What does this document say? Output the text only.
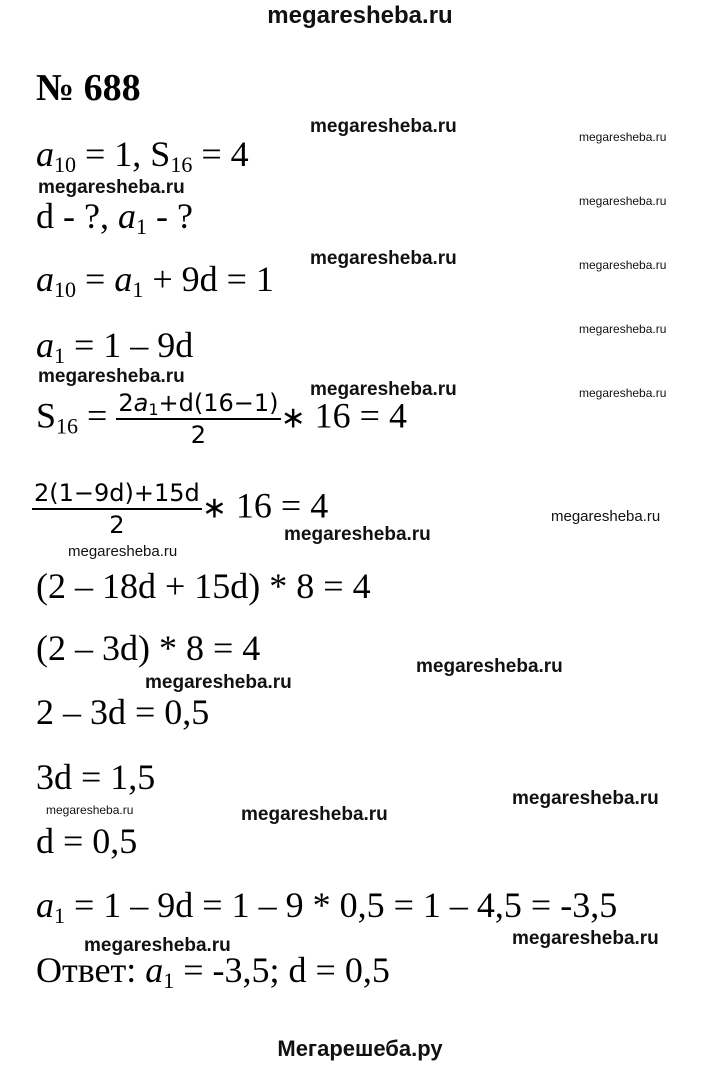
megaresheba.ru
№ 688
$a_{10} = 1$, $S_{16} = 4$
d - ?, $a_1$ - ?
$a_{10} = a_1 + 9d = 1$
$a_1 = 1 - 9d$
$S_{16} = \frac{2a_1+d(16-1)}{2}$ ∗ 16 = 4
$\frac{2(1-9d)+15d}{2}$ ∗ 16 = 4
(2 – 18d + 15d) * 8 = 4
(2 – 3d) * 8 = 4
2 – 3d = 0,5
3d = 1,5
d = 0,5
$a_1 = 1 - 9d = 1 - 9 * 0,5 = 1 - 4,5 = -3,5$
Ответ: $a_1 = -3,5$; d = 0,5
megaresheba.ru	megaresheba.ru
megaresheba.ru
megaresheba.ru
megaresheba.ru	megaresheba.ru
megaresheba.ru
megaresheba.ru
megaresheba.ru	megaresheba.ru
megaresheba.ru
megaresheba.ru
megaresheba.ru
megaresheba.ru
megaresheba.ru
megaresheba.ru
megaresheba.ru	megaresheba.ru
megaresheba.ru	megaresheba.ru
Мегарешеба.ру
